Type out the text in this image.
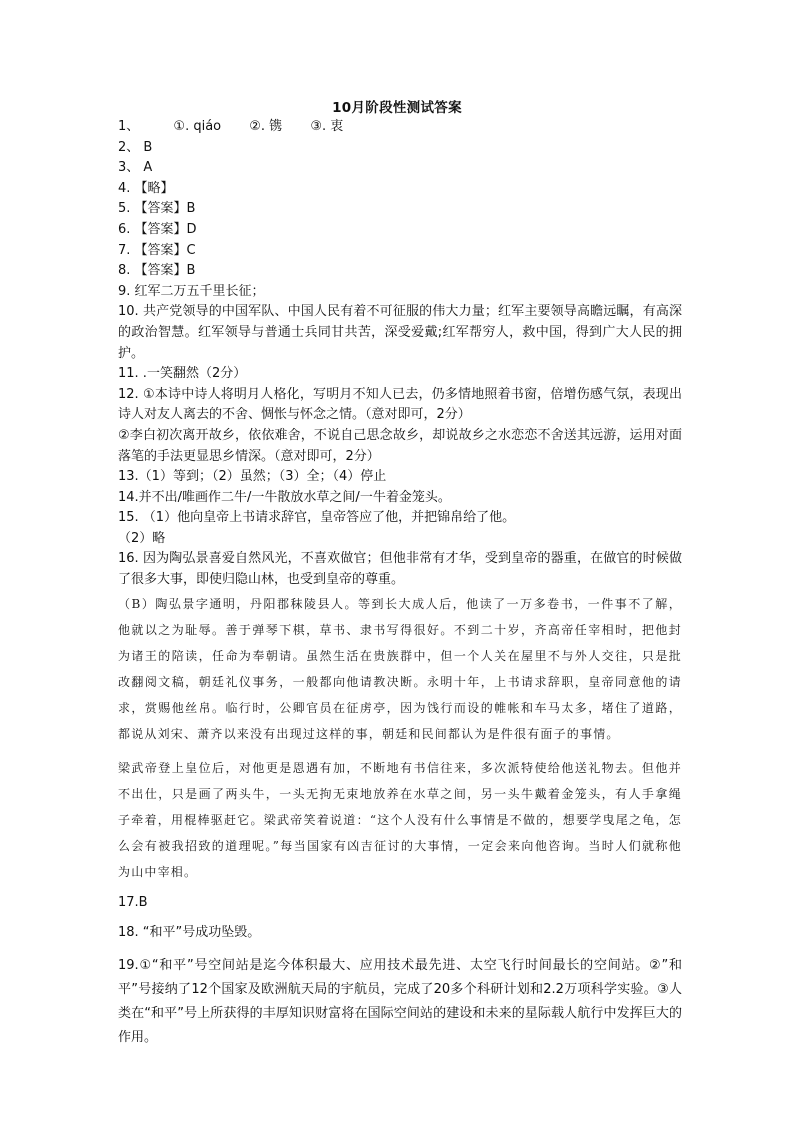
10月阶段性测试答案
1、	①. qiáo ②. 镌 ③. 衷
2、 B
3、 A
4. 【略】
5. 【答案】B
6. 【答案】D
7. 【答案】C
8. 【答案】B
9. 红军二万五千里长征；
10. 共产党领导的中国军队、中国人民有着不可征服的伟大力量；红军主要领导高瞻远瞩，有高深的政治智慧。红军领导与普通士兵同甘共苦，深受爱戴;红军帮穷人，救中国，得到广大人民的拥护。
11. .一笑翻然（2分）
12. ①本诗中诗人将明月人格化，写明月不知人已去，仍多情地照着书窗，倍增伤感气氛，表现出诗人对友人离去的不舍、惆怅与怀念之情。（意对即可，2分）
②李白初次离开故乡，依依难舍，不说自己思念故乡，却说故乡之水恋恋不舍送其远游，运用对面落笔的手法更显思乡情深。（意对即可，2分）
13.（1）等到；（2）虽然；（3）全；（4）停止
14.并不出/唯画作二牛/一牛散放水草之间/一牛着金笼头。
15. （1）他向皇帝上书请求辞官，皇帝答应了他，并把锦帛给了他。
（2）略
16. 因为陶弘景喜爱自然风光，不喜欢做官；但他非常有才华，受到皇帝的器重，在做官的时候做了很多大事，即使归隐山林，也受到皇帝的尊重。
（B）陶弘景字通明，丹阳郡秣陵县人。等到长大成人后，他读了一万多卷书，一件事不了解，他就以之为耻辱。善于弹琴下棋，草书、隶书写得很好。不到二十岁，齐高帝任宰相时，把他封为诸王的陪读，任命为奉朝请。虽然生活在贵族群中，但一个人关在屋里不与外人交往，只是批改翻阅文稿，朝廷礼仪事务，一般都向他请教决断。永明十年，上书请求辞职，皇帝同意他的请求，赏赐他丝帛。临行时，公卿官员在征虏亭，因为饯行而设的帷帐和车马太多，堵住了道路，都说从刘宋、萧齐以来没有出现过这样的事，朝廷和民间都认为是件很有面子的事情。
梁武帝登上皇位后，对他更是恩遇有加，不断地有书信往来，多次派特使给他送礼物去。但他并不出仕，只是画了两头牛，一头无拘无束地放养在水草之间，另一头牛戴着金笼头，有人手拿绳子牵着，用棍棒驱赶它。梁武帝笑着说道：“这个人没有什么事情是不做的，想要学曳尾之龟，怎么会有被我招致的道理呢。”每当国家有凶吉征讨的大事情，一定会来向他咨询。当时人们就称他为山中宰相。
17.B
18. “和平”号成功坠毁。
19.①“和平”号空间站是迄今体积最大、应用技术最先进、太空飞行时间最长的空间站。②”和平”号接纳了12个国家及欧洲航天局的宇航员，完成了20多个科研计划和2.2万项科学实验。③人类在“和平”号上所获得的丰厚知识财富将在国际空间站的建设和未来的星际载人航行中发挥巨大的作用。
